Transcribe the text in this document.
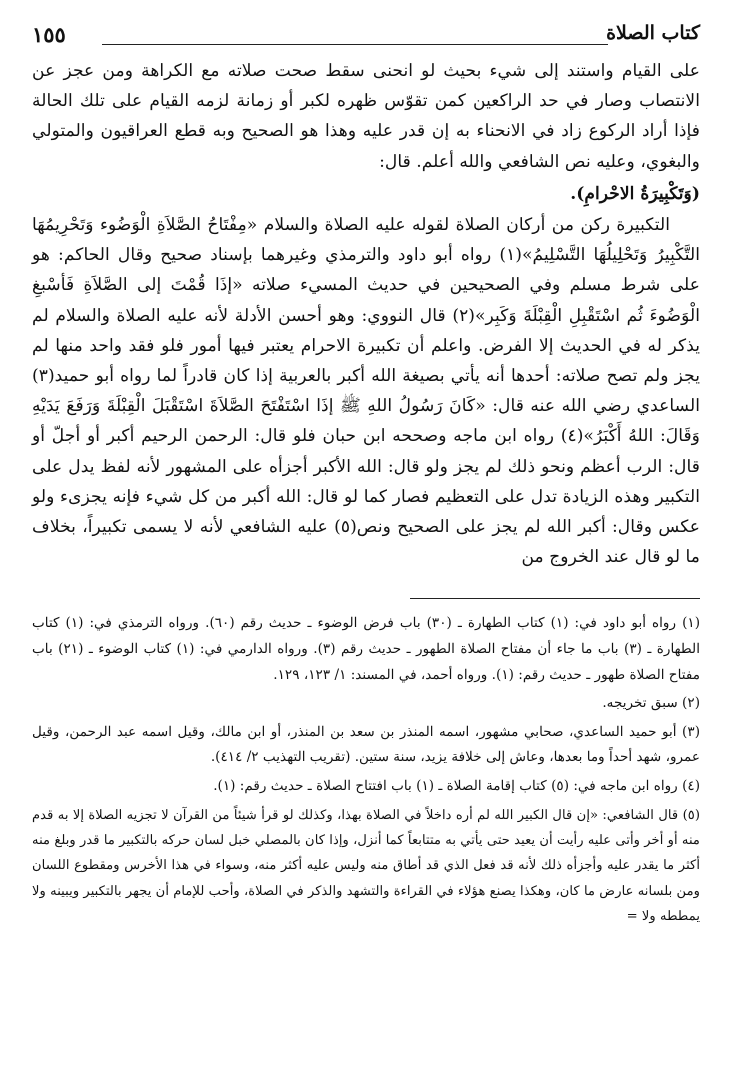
كتاب الصلاة
١٥٥

على القيام واستند إلى شيء بحيث لو انحنى سقط صحت صلاته مع الكراهة ومن عجز عن الانتصاب وصار في حد الراكعين كمن تقوّس ظهره لكبر أو زمانة لزمه القيام على تلك الحالة فإذا أراد الركوع زاد في الانحناء به إن قدر عليه وهذا هو الصحيح وبه قطع العراقيون والمتولي والبغوي، وعليه نص الشافعي والله أعلم. قال:

(وَتَكْبِيرَةُ الاحْرامِ).

التكبيرة ركن من أركان الصلاة لقوله عليه الصلاة والسلام «مِفْتَاحُ الصَّلاَةِ الْوَضُوء وَتَحْرِيمُهَا التَّكْبِيرُ وَتَحْلِيلُهَا التَّسْلِيمُ»(١) رواه أبو داود والترمذي وغيرهما بإسناد صحيح وقال الحاكم: هو على شرط مسلم وفي الصحيحين في حديث المسيء صلاته «إذَا قُمْتَ إلى الصَّلاَةِ فَأسْبغِ الْوَضُوءَ ثُم اسْتَقْبِلِ الْقِبْلَةَ وَكَبِر»(٢) قال النووي: وهو أحسن الأدلة لأنه عليه الصلاة والسلام لم يذكر له في الحديث إلا الفرض. واعلم أن تكبيرة الاحرام يعتبر فيها أمور فلو فقد واحد منها لم يجز ولم تصح صلاته: أحدها أنه يأتي بصيغة الله أكبر بالعربية إذا كان قادراً لما رواه أبو حميد(٣) الساعدي رضي الله عنه قال: «كَانَ رَسُولُ اللهِ ﷺ إذَا اسْتَفْتَحَ الصَّلاَةَ اسْتَقْبَلَ الْقِبْلَةَ وَرَفَعَ يَدَيْهِ وَقَالَ: اللهُ أَكْبَرُ»(٤) رواه ابن ماجه وصححه ابن حبان فلو قال: الرحمن الرحيم أكبر أو أجلّ أو قال: الرب أعظم ونحو ذلك لم يجز ولو قال: الله الأكبر أجزأه على المشهور لأنه لفظ يدل على التكبير وهذه الزيادة تدل على التعظيم فصار كما لو قال: الله أكبر من كل شيء فإنه يجزىء ولو عكس وقال: أكبر الله لم يجز على الصحيح ونص(٥) عليه الشافعي لأنه لا يسمى تكبيراً، بخلاف ما لو قال عند الخروج من

(١) رواه أبو داود في: (١) كتاب الطهارة ـ (٣٠) باب فرض الوضوء ـ حديث رقم (٦٠). ورواه الترمذي في: (١) كتاب الطهارة ـ (٣) باب ما جاء أن مفتاح الصلاة الطهور ـ حديث رقم (٣). ورواه الدارمي في: (١) كتاب الوضوء ـ (٢١) باب مفتاح الصلاة طهور ـ حديث رقم: (١). ورواه أحمد، في المسند: ١/ ١٢٣، ١٢٩.

(٢) سبق تخريجه.

(٣) أبو حميد الساعدي، صحابي مشهور، اسمه المنذر بن سعد بن المنذر، أو ابن مالك، وقيل اسمه عبد الرحمن، وقيل عمرو، شهد أحداً وما بعدها، وعاش إلى خلافة يزيد، سنة ستين. (تقريب التهذيب ٢/ ٤١٤).

(٤) رواه ابن ماجه في: (٥) كتاب إقامة الصلاة ـ (١) باب افتتاح الصلاة ـ حديث رقم: (١).

(٥) قال الشافعي: «إن قال الكبير الله لم أره داخلاً في الصلاة بهذا، وكذلك لو قرأ شيئاً من القرآن لا تجزيه الصلاة إلا به قدم منه أو أخر وأتى عليه رأيت أن يعيد حتى يأتي به متتابعاً كما أنزل، وإذا كان بالمصلي خبل لسان حركه بالتكبير ما قدر وبلغ منه أكثر ما يقدر عليه وأجزأه ذلك لأنه قد فعل الذي قد أطاق منه وليس عليه أكثر منه، وسواء في هذا الأخرس ومقطوع اللسان ومن بلسانه عارض ما كان، وهكذا يصنع هؤلاء في القراءة والتشهد والذكر في الصلاة، وأحب للإمام أن يجهر بالتكبير ويبينه ولا يمططه ولا =
